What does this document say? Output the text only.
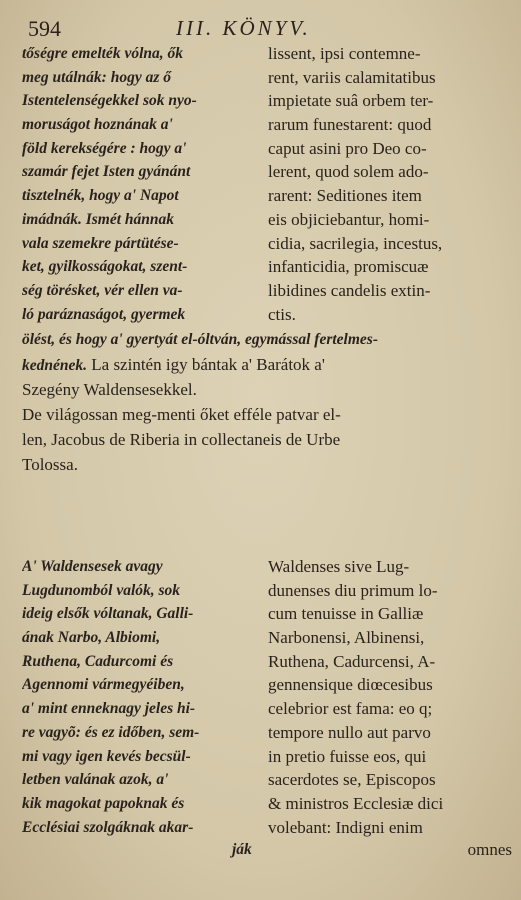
594	III. KÖNYV.
tőségre emelték vólna, ők
meg utálnák: hogy az ő
Istentelenségekkel sok nyo-
moruságot hoznának a'
föld kerekségére : hogy a'
szamár fejet Isten gyánánt
tisztelnék, hogy a' Napot
imádnák. Ismét hánnak
vala szemekre pártütése-
ket, gyilkosságokat, szent-
ség törésket, vér ellen va-
ló paráznaságot, gyermek
lissent, ipsi contemne-
rent, variis calamitatibus
impietate suâ orbem ter-
rarum funestarent: quod
caput asini pro Deo co-
lerent, quod solem ado-
rarent: Seditiones item
eis objiciebantur, homi-
cidia, sacrilegia, incestus,
infanticidia, promiscuæ
libidines candelis extin-
ctis.
ölést, és hogy a' gyertyát el-óltván, egymással fertelmes-
kednének. La szintén igy bántak a' Barátok a'
Szegény Waldensesekkel.
De világossan meg-menti őket efféle patvar el-
len, Jacobus de Riberia in collectaneis de Urbe
Tolossa.
A' Waldensesek avagy
Lugdunomból valók, sok
ideig elsők vóltanak, Galli-
ának Narbo, Albiomi,
Ruthena, Cadurcomi és
Agennomi vármegyéiben,
a' mint enneknagy jeles hi-
re vagyõ: és ez időben, sem-
mi vagy igen kevés becsül-
letben valának azok, a'
kik magokat papoknak és
Ecclésiai szolgáknak akar-
Waldenses sive Lug-
dunenses diu primum lo-
cum tenuisse in Galliæ
Narbonensi, Albinensi,
Ruthena, Cadurcensi, A-
gennensique diœcesibus
celebrior est fama: eo q;
tempore nullo aut parvo
in pretio fuisse eos, qui
sacerdotes se, Episcopos
& ministros Ecclesiæ dici
volebant: Indigni enim
ják	omnes
